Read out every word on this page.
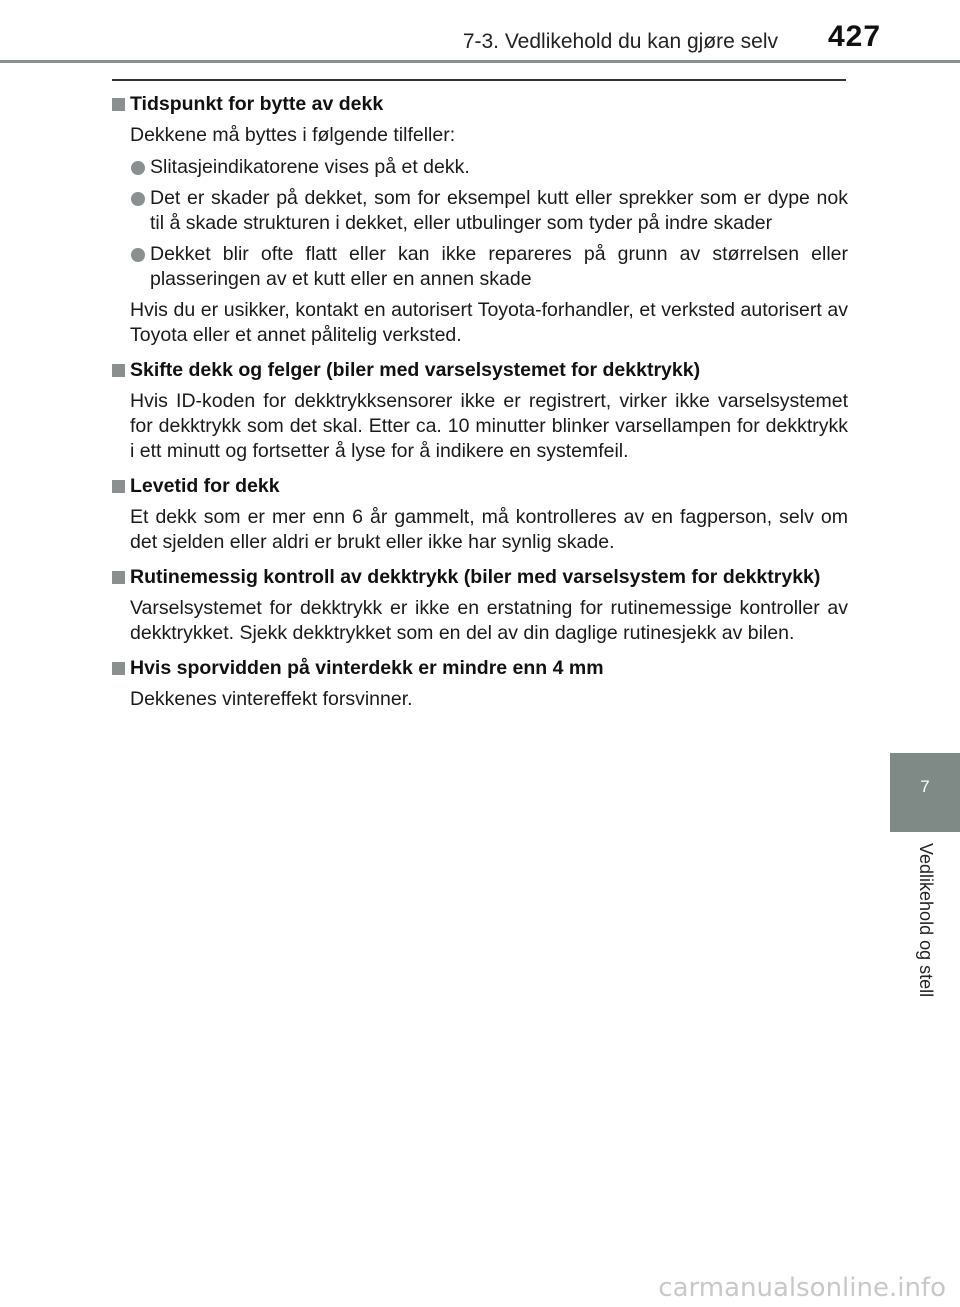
7-3. Vedlikehold du kan gjøre selv 427
7
Vedlikehold og stell
Tidspunkt for bytte av dekk
Dekkene må byttes i følgende tilfeller:
Slitasjeindikatorene vises på et dekk.
Det er skader på dekket, som for eksempel kutt eller sprekker som er dype nok til å skade strukturen i dekket, eller utbulinger som tyder på indre skader
Dekket blir ofte flatt eller kan ikke repareres på grunn av størrelsen eller plasseringen av et kutt eller en annen skade
Hvis du er usikker, kontakt en autorisert Toyota-forhandler, et verksted autorisert av Toyota eller et annet pålitelig verksted.
Skifte dekk og felger (biler med varselsystemet for dekktrykk)
Hvis ID-koden for dekktrykksensorer ikke er registrert, virker ikke varselsystemet for dekktrykk som det skal. Etter ca. 10 minutter blinker varsellampen for dekktrykk i ett minutt og fortsetter å lyse for å indikere en systemfeil.
Levetid for dekk
Et dekk som er mer enn 6 år gammelt, må kontrolleres av en fagperson, selv om det sjelden eller aldri er brukt eller ikke har synlig skade.
Rutinemessig kontroll av dekktrykk (biler med varselsystem for dekktrykk)
Varselsystemet for dekktrykk er ikke en erstatning for rutinemessige kontroller av dekktrykket. Sjekk dekktrykket som en del av din daglige rutinesjekk av bilen.
Hvis sporvidden på vinterdekk er mindre enn 4 mm
Dekkenes vintereffekt forsvinner.
carmanualsonline.info
